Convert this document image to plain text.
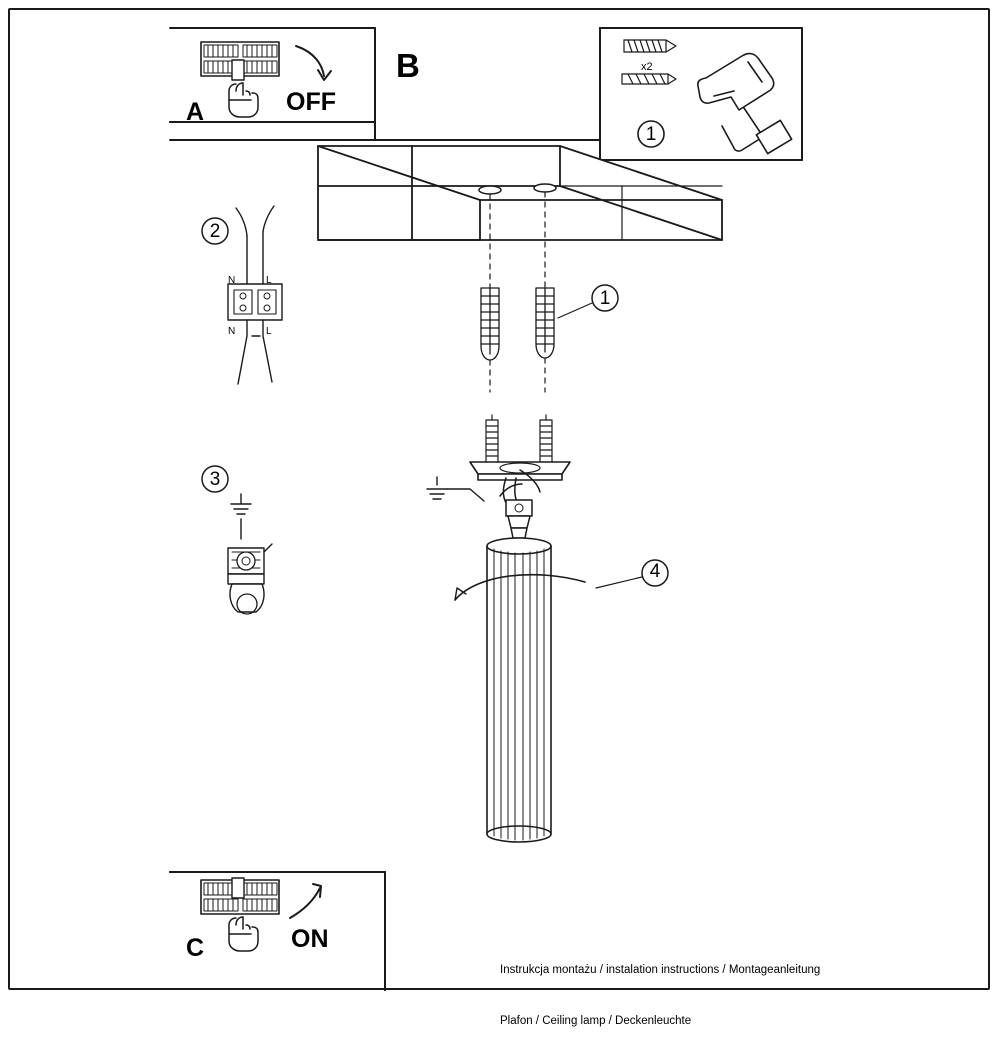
A	OFF
B
C	ON
x2
1
2
3
1
4
N	L
N	L

Instrukcja montażu / instalation instructions / Montageanleitung

Plafon / Ceiling lamp / Deckenleuchte
